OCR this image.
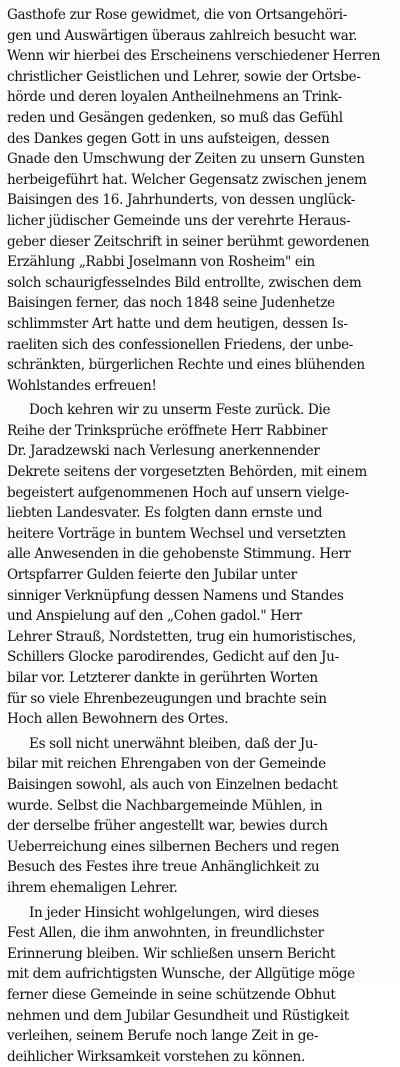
Gasthofe zur Rose gewidmet, die von Ortsangehöri-
gen und Auswärtigen überaus zahlreich besucht war.
Wenn wir hierbei des Erscheinens verschiedener Herren
christlicher Geistlichen und Lehrer, sowie der Ortsbe-
hörde und deren loyalen Antheilnehmens an Trink-
reden und Gesängen gedenken, so muß das Gefühl
des Dankes gegen Gott in uns aufsteigen, dessen
Gnade den Umschwung der Zeiten zu unsern Gunsten
herbeigeführt hat. Welcher Gegensatz zwischen jenem
Baisingen des 16. Jahrhunderts, von dessen unglück-
licher jüdischer Gemeinde uns der verehrte Heraus-
geber dieser Zeitschrift in seiner berühmt gewordenen
Erzählung „Rabbi Joselmann von Rosheim" ein
solch schaurigfesselndes Bild entrollte, zwischen dem
Baisingen ferner, das noch 1848 seine Judenhetze
schlimmster Art hatte und dem heutigen, dessen Is-
raeliten sich des confessionellen Friedens, der unbe-
schränkten, bürgerlichen Rechte und eines blühenden
Wohlstandes erfreuen!
Doch kehren wir zu unserm Feste zurück. Die
Reihe der Trinksprüche eröffnete Herr Rabbiner
Dr. Jaradzewski nach Verlesung anerkennender
Dekrete seitens der vorgesetzten Behörden, mit einem
begeistert aufgenommenen Hoch auf unsern vielge-
liebten Landesvater. Es folgten dann ernste und
heitere Vorträge in buntem Wechsel und versetzten
alle Anwesenden in die gehobenste Stimmung. Herr
Ortspfarrer Gulden feierte den Jubilar unter
sinniger Verknüpfung dessen Namens und Standes
und Anspielung auf den „Cohen gadol." Herr
Lehrer Strauß, Nordstetten, trug ein humoristisches,
Schillers Glocke parodirendes, Gedicht auf den Ju-
bilar vor. Letzterer dankte in gerührten Worten
für so viele Ehrenbezeugungen und brachte sein
Hoch allen Bewohnern des Ortes.
Es soll nicht unerwähnt bleiben, daß der Ju-
bilar mit reichen Ehrengaben von der Gemeinde
Baisingen sowohl, als auch von Einzelnen bedacht
wurde. Selbst die Nachbargemeinde Mühlen, in
der derselbe früher angestellt war, bewies durch
Ueberreichung eines silbernen Bechers und regen
Besuch des Festes ihre treue Anhänglichkeit zu
ihrem ehemaligen Lehrer.
In jeder Hinsicht wohlgelungen, wird dieses
Fest Allen, die ihm anwohnten, in freundlichster
Erinnerung bleiben. Wir schließen unsern Bericht
mit dem aufrichtigsten Wunsche, der Allgütige möge
ferner diese Gemeinde in seine schützende Obhut
nehmen und dem Jubilar Gesundheit und Rüstigkeit
verleihen, seinem Berufe noch lange Zeit in ge-
deihlicher Wirksamkeit vorstehen zu können.
